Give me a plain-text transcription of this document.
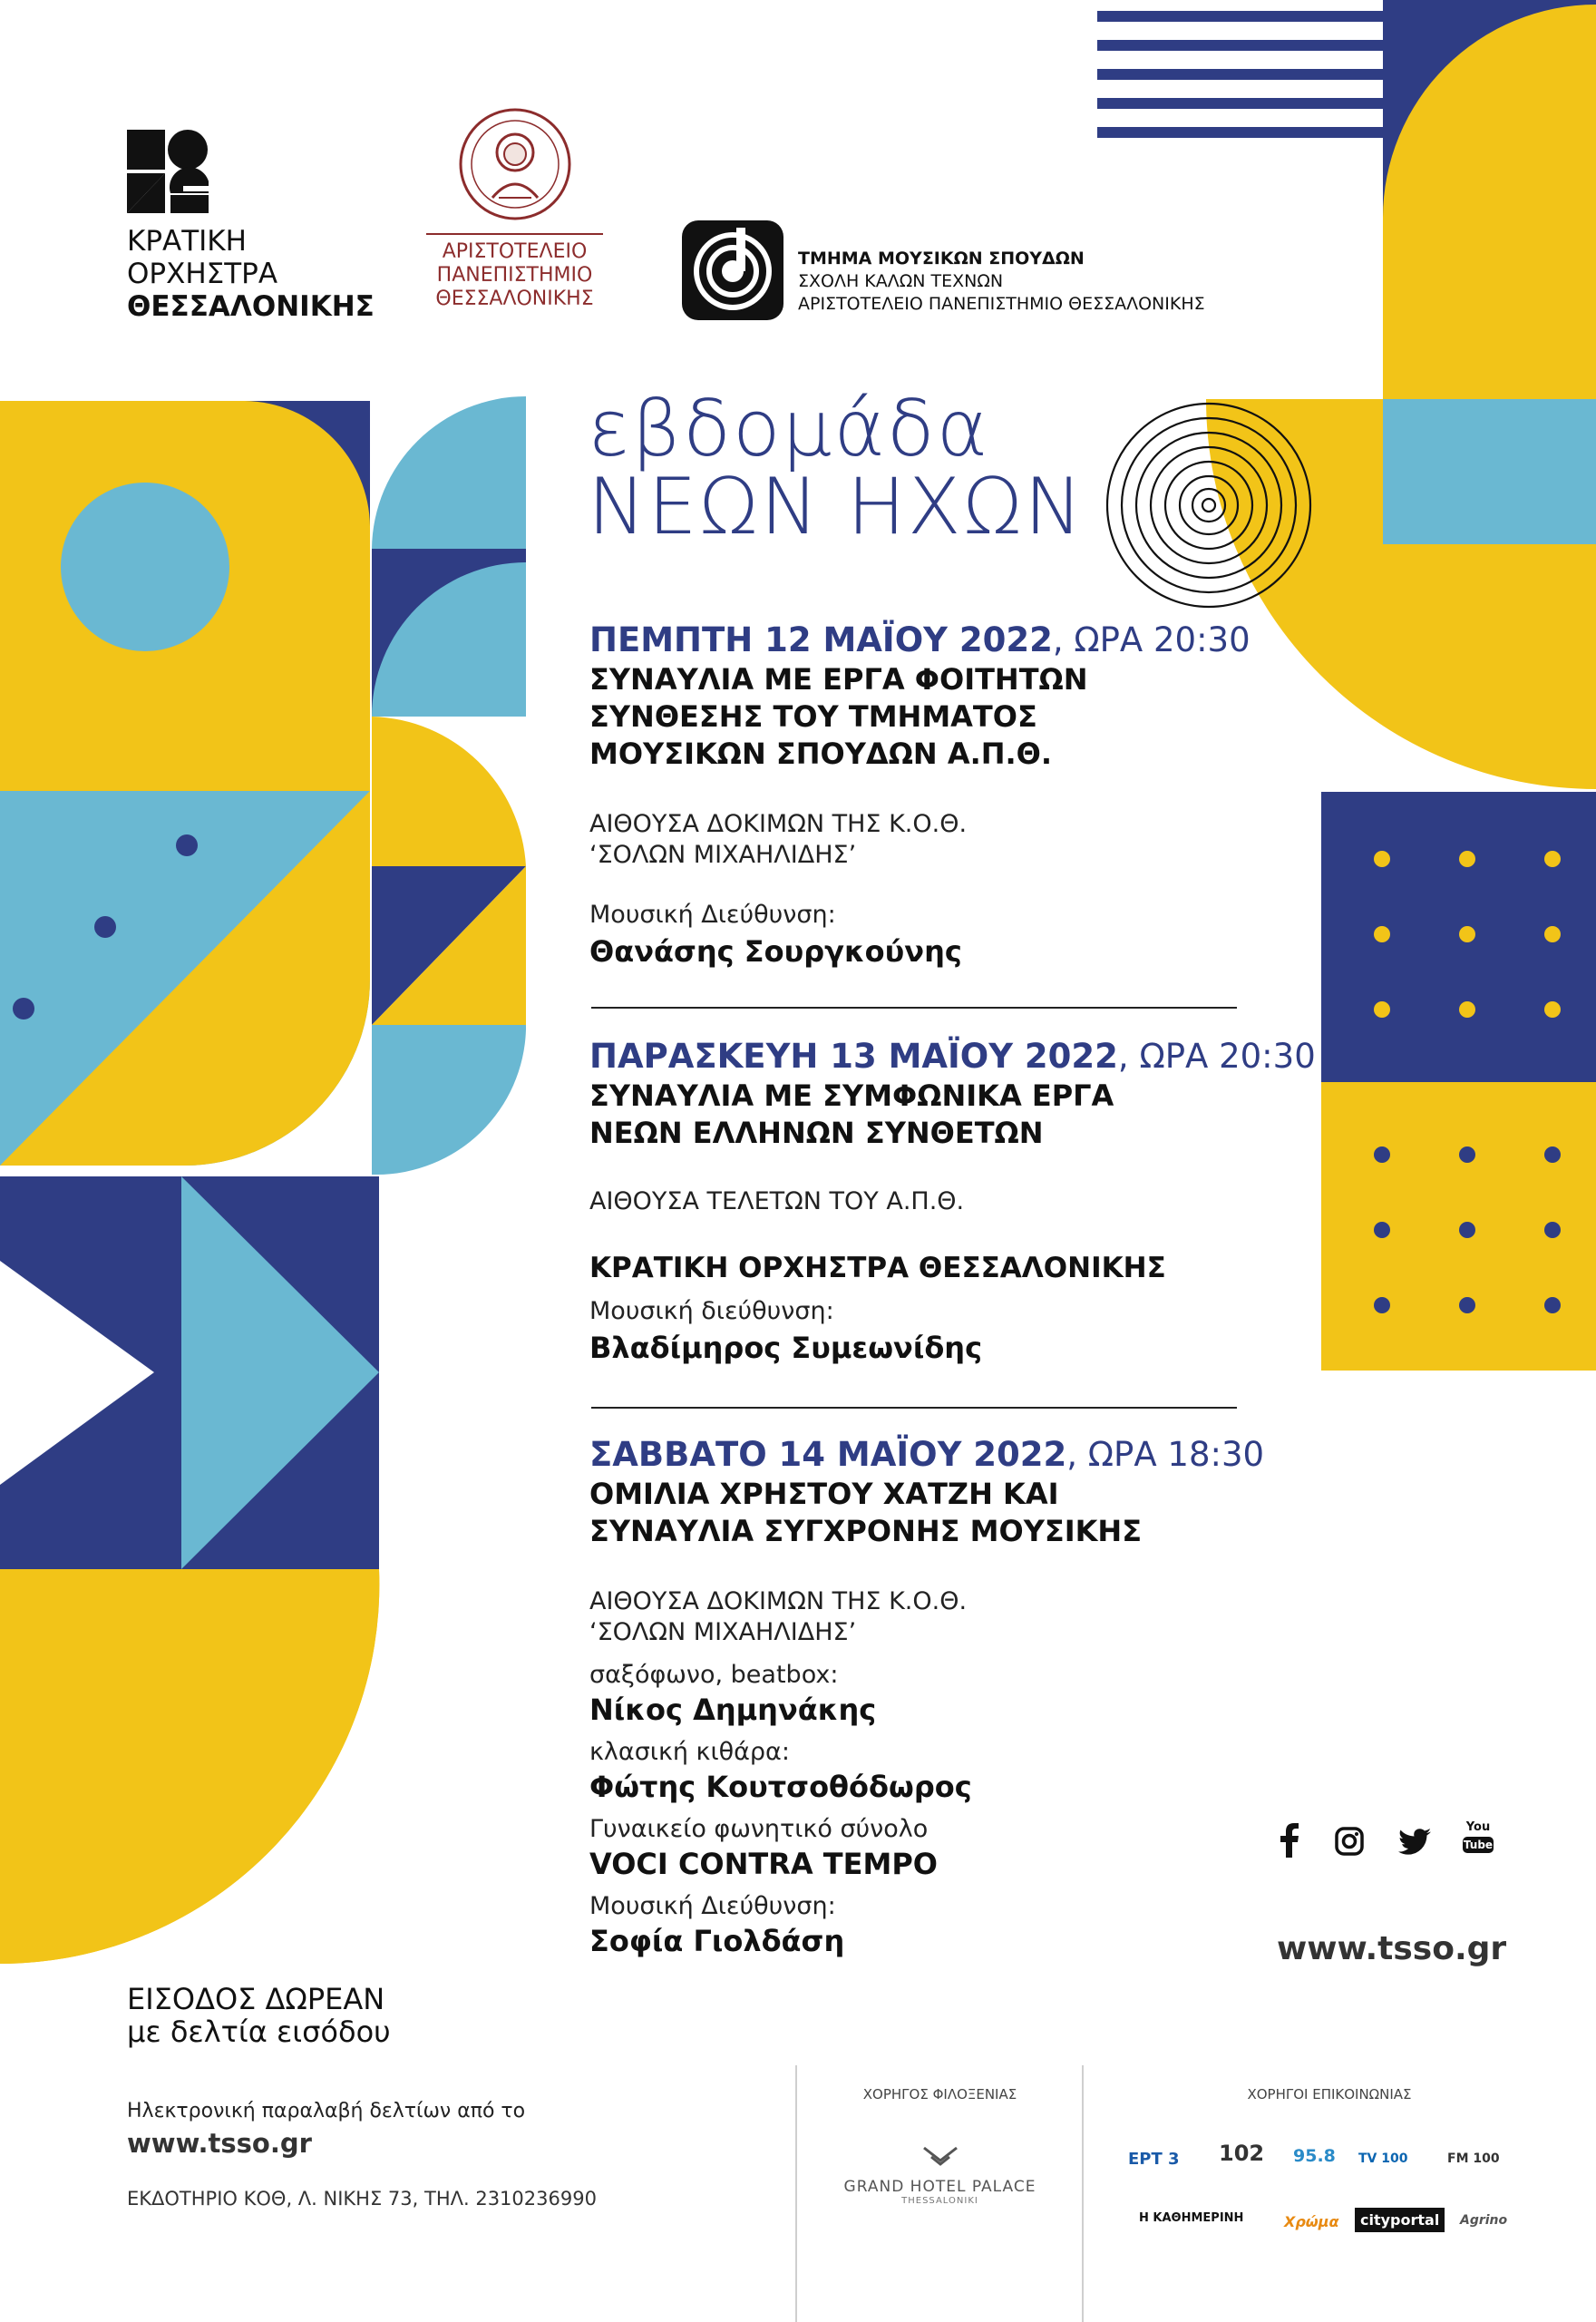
ΚΡΑΤΙΚΗ
ΟΡΧΗΣΤΡΑ
ΘΕΣΣΑΛΟΝΙΚΗΣ
ΑΡΙΣΤΟΤΕΛΕΙΟ
ΠΑΝΕΠΙΣΤΗΜΙΟ
ΘΕΣΣΑΛΟΝΙΚΗΣ
ΤΜΗΜΑ ΜΟΥΣΙΚΩΝ ΣΠΟΥΔΩΝ
ΣΧΟΛΗ ΚΑΛΩΝ ΤΕΧΝΩΝ
ΑΡΙΣΤΟΤΕΛΕΙΟ ΠΑΝΕΠΙΣΤΗΜΙΟ ΘΕΣΣΑΛΟΝΙΚΗΣ
εβδομάδα
ΝΕΩΝ ΗΧΩΝ
ΠΕΜΠΤΗ 12 ΜΑΪΟΥ 2022, ΩΡΑ 20:30
ΣΥΝΑΥΛΙΑ ΜΕ ΕΡΓΑ ΦΟΙΤΗΤΩΝ
ΣΥΝΘΕΣΗΣ ΤΟΥ ΤΜΗΜΑΤΟΣ
ΜΟΥΣΙΚΩΝ ΣΠΟΥΔΩΝ Α.Π.Θ.
ΑΙΘΟΥΣΑ ΔΟΚΙΜΩΝ ΤΗΣ Κ.Ο.Θ.
‘ΣΟΛΩΝ ΜΙΧΑΗΛΙΔΗΣ’
Μουσική Διεύθυνση:
Θανάσης Σουργκούνης
ΠΑΡΑΣΚΕΥΗ 13 ΜΑΪΟΥ 2022, ΩΡΑ 20:30
ΣΥΝΑΥΛΙΑ ΜΕ ΣΥΜΦΩΝΙΚΑ ΕΡΓΑ
ΝΕΩΝ ΕΛΛΗΝΩΝ ΣΥΝΘΕΤΩΝ
ΑΙΘΟΥΣΑ ΤΕΛΕΤΩΝ ΤΟΥ Α.Π.Θ.
ΚΡΑΤΙΚΗ ΟΡΧΗΣΤΡΑ ΘΕΣΣΑΛΟΝΙΚΗΣ
Μουσική διεύθυνση:
Βλαδίμηρος Συμεωνίδης
ΣΑΒΒΑΤΟ 14 ΜΑΪΟΥ 2022, ΩΡΑ 18:30
ΟΜΙΛΙΑ ΧΡΗΣΤΟΥ ΧΑΤΖΗ ΚΑΙ
ΣΥΝΑΥΛΙΑ ΣΥΓΧΡΟΝΗΣ ΜΟΥΣΙΚΗΣ
ΑΙΘΟΥΣΑ ΔΟΚΙΜΩΝ ΤΗΣ Κ.Ο.Θ.
‘ΣΟΛΩΝ ΜΙΧΑΗΛΙΔΗΣ’
σαξόφωνο, beatbox:
Νίκος Δημηνάκης
κλασική κιθάρα:
Φώτης Κουτσοθόδωρος
Γυναικείο φωνητικό σύνολο
VOCI CONTRA TEMPO
Μουσική Διεύθυνση:
Σοφία Γιολδάση
You
Tube
www.tsso.gr
ΕΙΣΟΔΟΣ ΔΩΡΕΑΝ
με δελτία εισόδου
Ηλεκτρονική παραλαβή δελτίων από το
www.tsso.gr
ΕΚΔΟΤΗΡΙΟ ΚΟΘ, Λ. ΝΙΚΗΣ 73, ΤΗΛ. 2310236990
ΧΟΡΗΓΟΣ ΦΙΛΟΞΕΝΙΑΣ
GRAND HOTEL PALACE
THESSALONIKI
ΧΟΡΗΓΟΙ ΕΠΙΚΟΙΝΩΝΙΑΣ
ΕΡΤ 3 102 95.8 TV 100	FM 100
Η ΚΑΘΗΜΕΡΙΝΗ	Χρώμα	cityportal	Agrino
